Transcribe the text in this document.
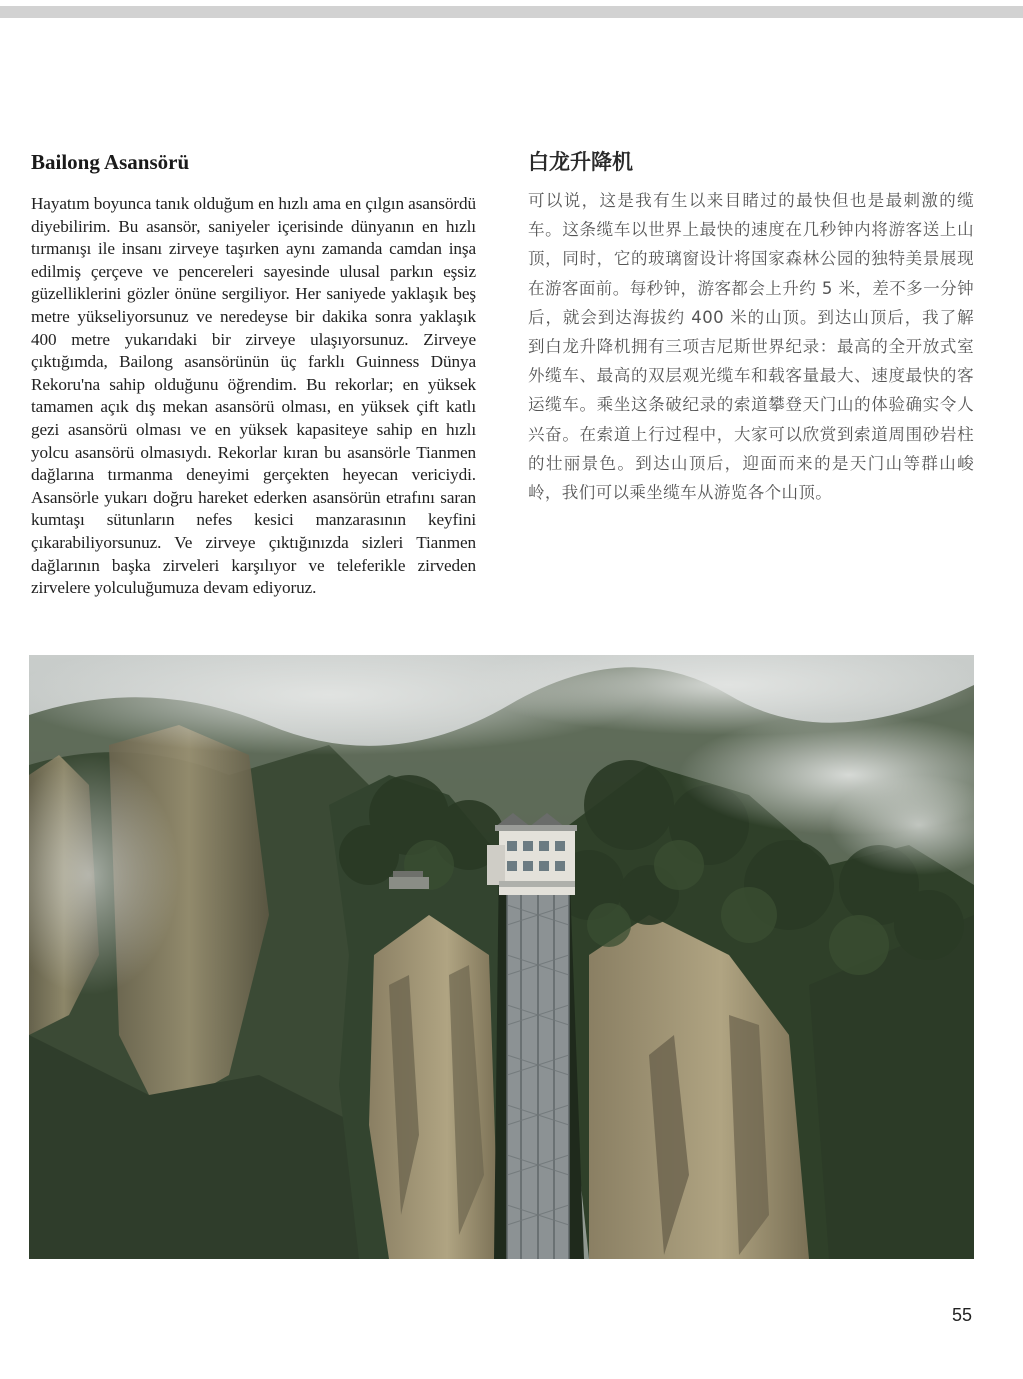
Bailong Asansörü

Hayatım boyunca tanık olduğum en hızlı ama en çılgın asansördü diyebilirim. Bu asansör, saniyeler içerisinde dünyanın en hızlı tırmanışı ile insanı zirveye taşırken aynı zamanda camdan inşa edilmiş çerçeve ve pencereleri sayesinde ulusal parkın eşsiz güzelliklerini gözler önüne sergiliyor. Her saniyede yaklaşık beş metre yükseliyorsunuz ve neredeyse bir dakika sonra yaklaşık 400 metre yukarıdaki bir zirveye ulaşıyorsunuz. Zirveye çıktığımda, Bailong asansörünün üç farklı Guinness Dünya Rekoru'na sahip olduğunu öğrendim. Bu rekorlar; en yüksek tamamen açık dış mekan asansörü olması, en yüksek çift katlı gezi asansörü olması ve en yüksek kapasiteye sahip en hızlı yolcu asansörü olmasıydı. Rekorlar kıran bu asansörle Tianmen dağlarına tırmanma deneyimi gerçekten heyecan vericiydi. Asansörle yukarı doğru hareket ederken asansörün etrafını saran kumtaşı sütunların nefes kesici manzarasının keyfini çıkarabiliyorsunuz. Ve zirveye çıktığınızda sizleri Tianmen dağlarının başka zirveleri karşılıyor ve teleferikle zirveden zirvelere yolculuğumuza devam ediyoruz.

白龙升降机

可以说，这是我有生以来目睹过的最快但也是最刺激的缆车。这条缆车以世界上最快的速度在几秒钟内将游客送上山顶，同时，它的玻璃窗设计将国家森林公园的独特美景展现在游客面前。每秒钟，游客都会上升约 5 米，差不多一分钟后，就会到达海拔约 400 米的山顶。到达山顶后，我了解到白龙升降机拥有三项吉尼斯世界纪录：最高的全开放式室外缆车、最高的双层观光缆车和载客量最大、速度最快的客运缆车。乘坐这条破纪录的索道攀登天门山的体验确实令人兴奋。在索道上行过程中，大家可以欣赏到索道周围砂岩柱的壮丽景色。到达山顶后，迎面而来的是天门山等群山峻岭，我们可以乘坐缆车从游览各个山顶。

55
